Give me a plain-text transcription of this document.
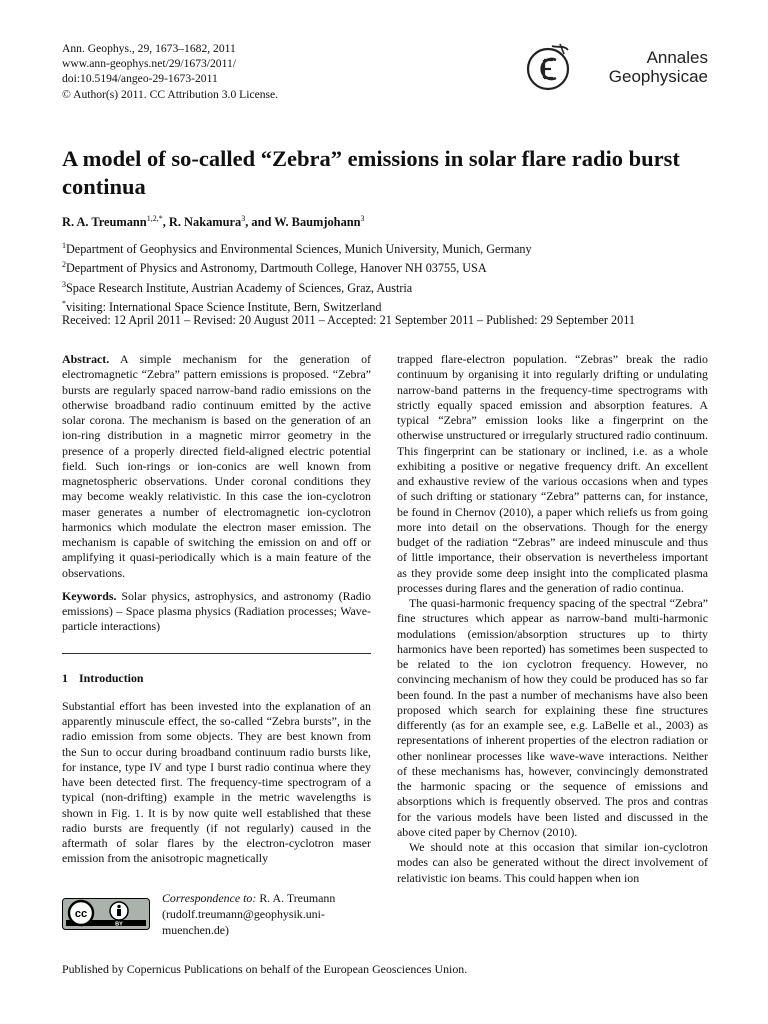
Ann. Geophys., 29, 1673–1682, 2011
www.ann-geophys.net/29/1673/2011/
doi:10.5194/angeo-29-1673-2011
© Author(s) 2011. CC Attribution 3.0 License.
Annales
Geophysicae
A model of so-called “Zebra” emissions in solar flare radio burst continua
R. A. Treumann$^{1,2,*}$, R. Nakamura$^3$, and W. Baumjohann$^3$
$^1$Department of Geophysics and Environmental Sciences, Munich University, Munich, Germany
$^2$Department of Physics and Astronomy, Dartmouth College, Hanover NH 03755, USA
$^3$Space Research Institute, Austrian Academy of Sciences, Graz, Austria
*visiting: International Space Science Institute, Bern, Switzerland
Received: 12 April 2011 – Revised: 20 August 2011 – Accepted: 21 September 2011 – Published: 29 September 2011

Abstract. A simple mechanism for the generation of electromagnetic “Zebra” pattern emissions is proposed. “Zebra” bursts are regularly spaced narrow-band radio emissions on the otherwise broadband radio continuum emitted by the active solar corona. The mechanism is based on the generation of an ion-ring distribution in a magnetic mirror geometry in the presence of a properly directed field-aligned electric potential field. Such ion-rings or ion-conics are well known from magnetospheric observations. Under coronal conditions they may become weakly relativistic. In this case the ion-cyclotron maser generates a number of electromagnetic ion-cyclotron harmonics which modulate the electron maser emission. The mechanism is capable of switching the emission on and off or amplifying it quasi-periodically which is a main feature of the observations.

Keywords. Solar physics, astrophysics, and astronomy (Radio emissions) – Space plasma physics (Radiation processes; Wave-particle interactions)

1 Introduction

Substantial effort has been invested into the explanation of an apparently minuscule effect, the so-called “Zebra bursts”, in the radio emission from some objects. They are best known from the Sun to occur during broadband continuum radio bursts like, for instance, type IV and type I burst radio continua where they have been detected first. The frequency-time spectrogram of a typical (non-drifting) example in the metric wavelengths is shown in Fig. 1. It is by now quite well established that these radio bursts are frequently (if not regularly) caused in the aftermath of solar flares by the electron-cyclotron maser emission from the anisotropic magnetically

trapped flare-electron population. “Zebras” break the radio continuum by organising it into regularly drifting or undulating narrow-band patterns in the frequency-time spectrograms with strictly equally spaced emission and absorption features. A typical “Zebra” emission looks like a fingerprint on the otherwise unstructured or irregularly structured radio continuum. This fingerprint can be stationary or inclined, i.e. as a whole exhibiting a positive or negative frequency drift. An excellent and exhaustive review of the various occasions when and types of such drifting or stationary “Zebra” patterns can, for instance, be found in Chernov (2010), a paper which reliefs us from going more into detail on the observations. Though for the energy budget of the radiation “Zebras” are indeed minuscule and thus of little importance, their observation is nevertheless important as they provide some deep insight into the complicated plasma processes during flares and the generation of radio continua.

The quasi-harmonic frequency spacing of the spectral “Zebra” fine structures which appear as narrow-band multi-harmonic modulations (emission/absorption structures up to thirty harmonics have been reported) has sometimes been suspected to be related to the ion cyclotron frequency. However, no convincing mechanism of how they could be produced has so far been found. In the past a number of mechanisms have also been proposed which search for explaining these fine structures differently (as for an example see, e.g. LaBelle et al., 2003) as representations of inherent properties of the electron radiation or other nonlinear processes like wave-wave interactions. Neither of these mechanisms has, however, convincingly demonstrated the harmonic spacing or the sequence of emissions and absorptions which is frequently observed. The pros and contras for the various models have been listed and discussed in the above cited paper by Chernov (2010).

We should note at this occasion that similar ion-cyclotron modes can also be generated without the direct involvement of relativistic ion beams. This could happen when ion

cc
BY
Correspondence to: R. A. Treumann
(rudolf.treumann@geophysik.uni-
muenchen.de)
Published by Copernicus Publications on behalf of the European Geosciences Union.
